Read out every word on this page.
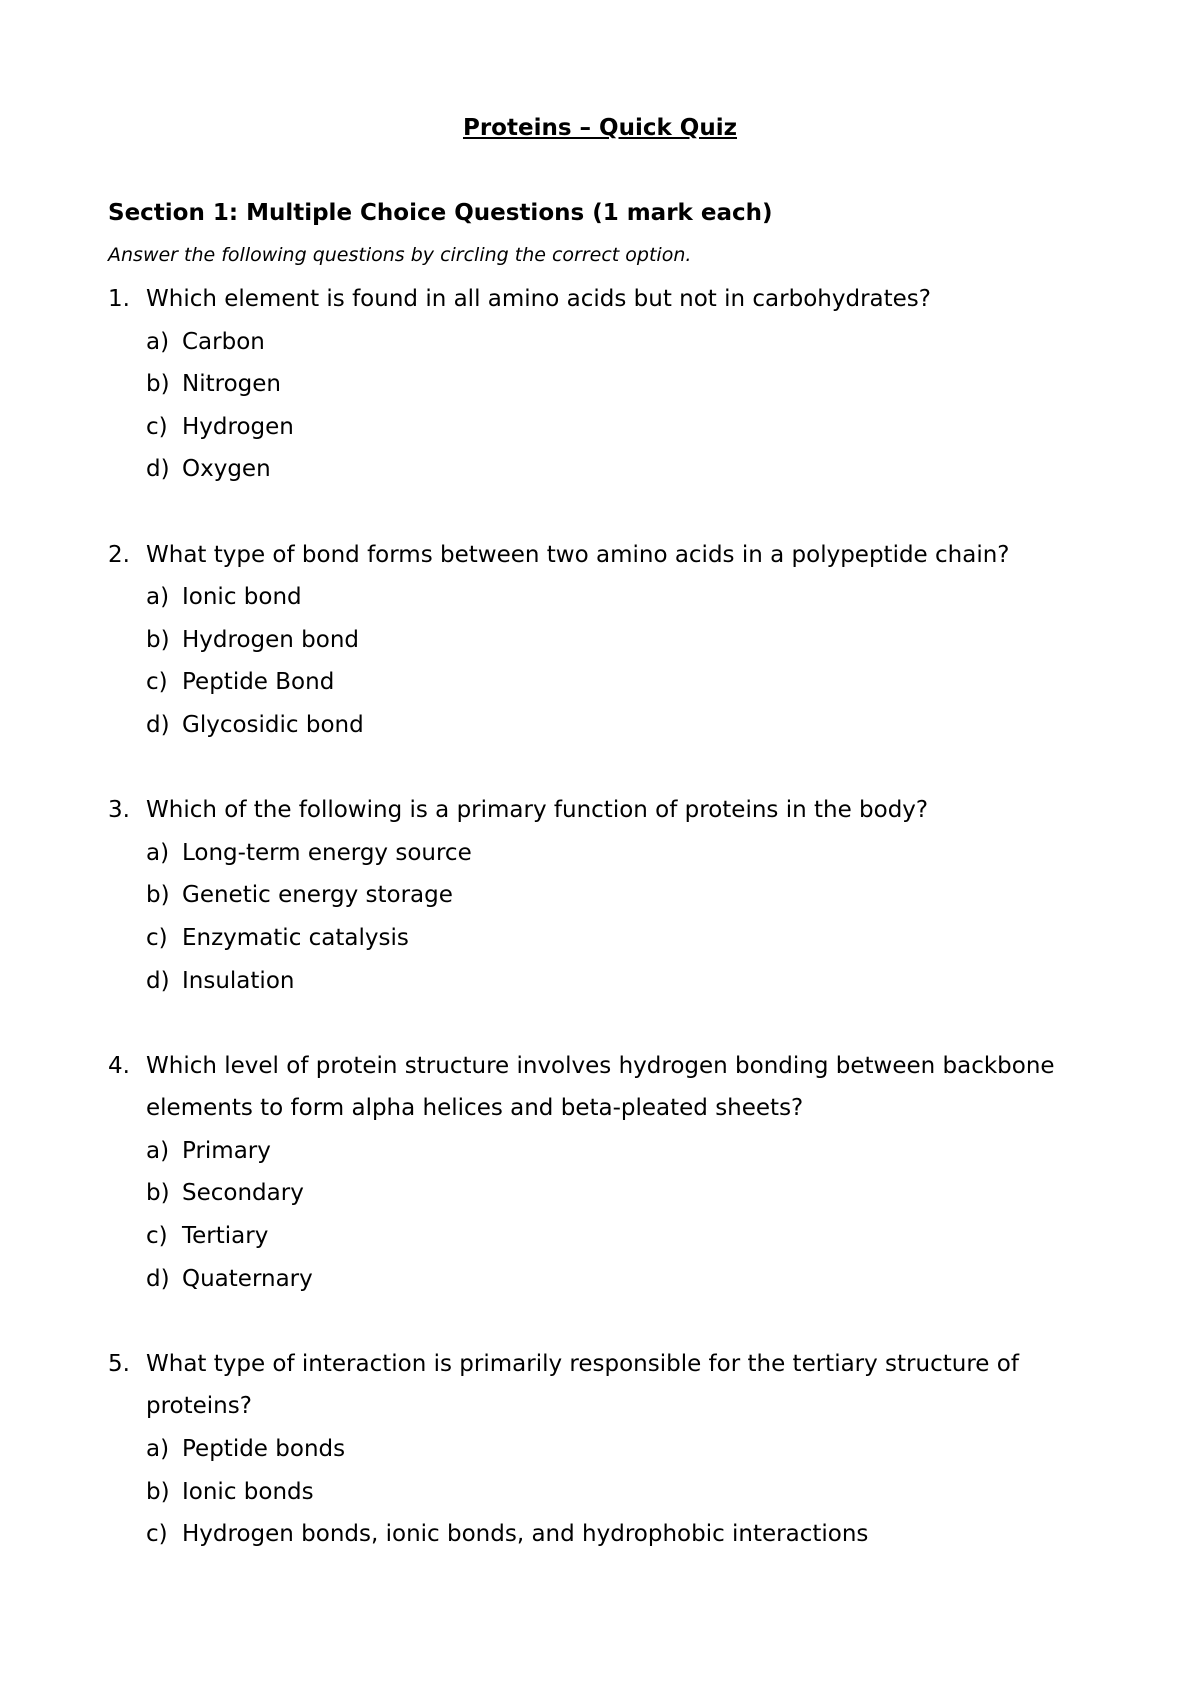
Proteins – Quick Quiz
Section 1: Multiple Choice Questions (1 mark each)
Answer the following questions by circling the correct option.
1. Which element is found in all amino acids but not in carbohydrates?
a) Carbon
b) Nitrogen
c) Hydrogen
d) Oxygen
2. What type of bond forms between two amino acids in a polypeptide chain?
a) Ionic bond
b) Hydrogen bond
c) Peptide Bond
d) Glycosidic bond
3. Which of the following is a primary function of proteins in the body?
a) Long-term energy source
b) Genetic energy storage
c) Enzymatic catalysis
d) Insulation
4. Which level of protein structure involves hydrogen bonding between backbone elements to form alpha helices and beta-pleated sheets?
a) Primary
b) Secondary
c) Tertiary
d) Quaternary
5. What type of interaction is primarily responsible for the tertiary structure of proteins?
a) Peptide bonds
b) Ionic bonds
c) Hydrogen bonds, ionic bonds, and hydrophobic interactions
